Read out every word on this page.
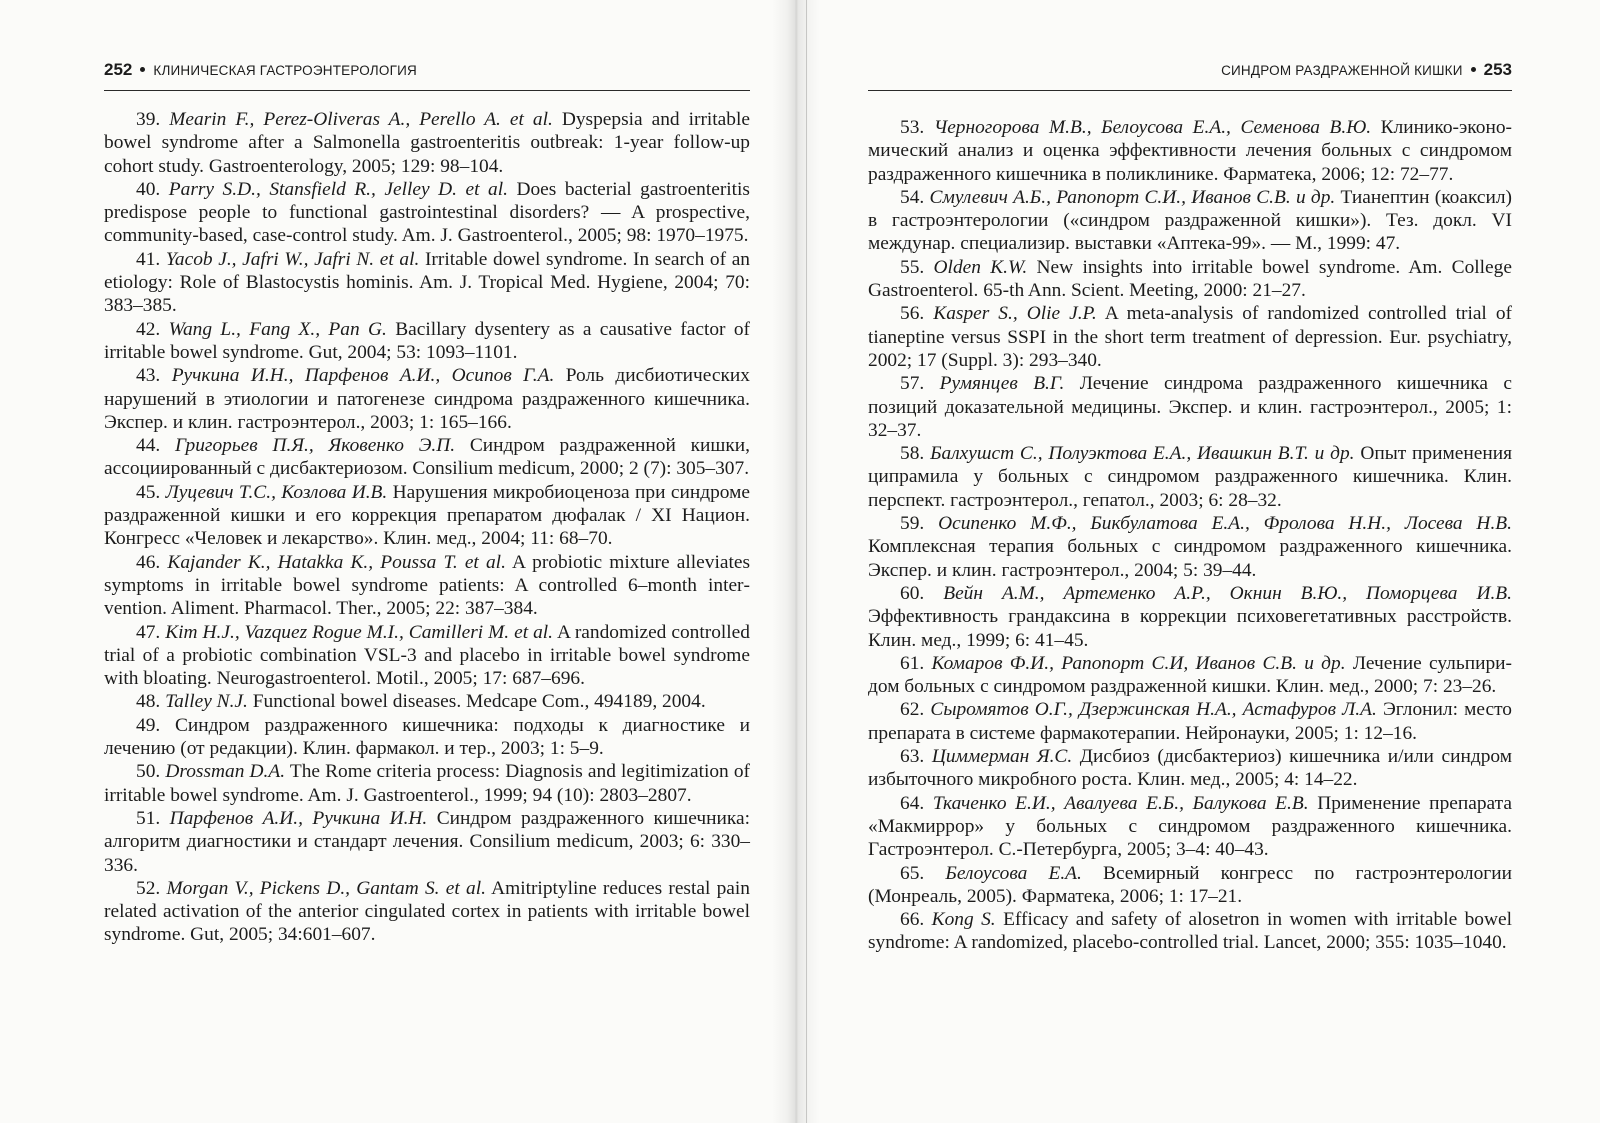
252 КЛИНИЧЕСКАЯ ГАСТРОЭНТЕРОЛОГИЯ

39. Mearin F., Perez-Oliveras A., Perello A. et al. Dyspepsia and irritable bowel syndrome after a Salmonella gastroenteritis outbreak: 1-year follow-up cohort study. Gastroenterology, 2005; 129: 98–104.

40. Parry S.D., Stansfield R., Jelley D. et al. Does bacterial gastroenteritis predispose people to functional gastrointestinal disorders? — A prospective, community-based, case-control study. Am. J. Gastroenterol., 2005; 98: 1970–1975.

41. Yacob J., Jafri W., Jafri N. et al. Irritable dowel syndrome. In search of an etiology: Role of Blastocystis hominis. Am. J. Tropical Med. Hygiene, 2004; 70: 383–385.

42. Wang L., Fang X., Pan G. Bacillary dysentery as a causative factor of irritable bowel syndrome. Gut, 2004; 53: 1093–1101.

43. Ручкина И.Н., Парфенов А.И., Осипов Г.А. Роль дисбиотических нарушений в этиологии и патогенезе синдрома раздраженного кишечника. Экспер. и клин. гастроэнтерол., 2003; 1: 165–166.

44. Григорьев П.Я., Яковенко Э.П. Синдром раздраженной кишки, ассоциированный с дисбактериозом. Consilium medicum, 2000; 2 (7): 305–307.

45. Луцевич Т.С., Козлова И.В. Нарушения микробиоценоза при синдроме раздраженной кишки и его коррекция препаратом дюфалак / XI Национ. Конгресс «Человек и лекарство». Клин. мед., 2004; 11: 68–70.

46. Kajander K., Hatakka K., Poussa T. et al. A probiotic mixture alleviates symptoms in irritable bowel syndrome patients: A controlled 6–month intervention. Aliment. Pharmacol. Ther., 2005; 22: 387–384.

47. Kim H.J., Vazquez Rogue M.I., Camilleri M. et al. A randomized controlled trial of a probiotic combination VSL-3 and placebo in irritable bowel syndrome with bloating. Neurogastroenterol. Motil., 2005; 17: 687–696.

48. Talley N.J. Functional bowel diseases. Medcape Com., 494189, 2004.

49. Синдром раздраженного кишечника: подходы к диагностике и лечению (от редакции). Клин. фармакол. и тер., 2003; 1: 5–9.

50. Drossman D.A. The Rome criteria process: Diagnosis and legitimization of irritable bowel syndrome. Am. J. Gastroenterol., 1999; 94 (10): 2803–2807.

51. Парфенов А.И., Ручкина И.Н. Синдром раздраженного кишечника: алгоритм диагностики и стандарт лечения. Consilium medicum, 2003; 6: 330–336.

52. Morgan V., Pickens D., Gantam S. et al. Amitriptyline reduces restal pain related activation of the anterior cingulated cortex in patients with irritable bowel syndrome. Gut, 2005; 34:601–607.

СИНДРОМ РАЗДРАЖЕННОЙ КИШКИ 253

53. Черногорова М.В., Белоусова Е.А., Семенова В.Ю. Клинико-экономический анализ и оценка эффективности лечения больных с синдромом раздраженного кишечника в поликлинике. Фарматека, 2006; 12: 72–77.

54. Смулевич А.Б., Рапопорт С.И., Иванов С.В. и др. Тианептин (коаксил) в гастроэнтерологии («синдром раздраженной кишки»). Тез. докл. VI междунар. специализир. выставки «Аптека-99». — М., 1999: 47.

55. Olden K.W. New insights into irritable bowel syndrome. Am. College Gastroenterol. 65-th Ann. Scient. Meeting, 2000: 21–27.

56. Kasper S., Olie J.P. A meta-analysis of randomized controlled trial of tianeptine versus SSPI in the short term treatment of depression. Eur. psychiatry, 2002; 17 (Suppl. 3): 293–340.

57. Румянцев В.Г. Лечение синдрома раздраженного кишечника с позиций доказательной медицины. Экспер. и клин. гастроэнтерол., 2005; 1: 32–37.

58. Балхушст С., Полуэктова Е.А., Ивашкин В.Т. и др. Опыт применения ципрамила у больных с синдромом раздраженного кишечника. Клин. перспект. гастроэнтерол., гепатол., 2003; 6: 28–32.

59. Осипенко М.Ф., Бикбулатова Е.А., Фролова Н.Н., Лосева Н.В. Комплексная терапия больных с синдромом раздраженного кишечника. Экспер. и клин. гастроэнтерол., 2004; 5: 39–44.

60. Вейн А.М., Артеменко А.Р., Окнин В.Ю., Поморцева И.В. Эффективность грандаксина в коррекции психовегетативных расстройств. Клин. мед., 1999; 6: 41–45.

61. Комаров Ф.И., Рапопорт С.И, Иванов С.В. и др. Лечение сульпиридом больных с синдромом раздраженной кишки. Клин. мед., 2000; 7: 23–26.

62. Сыромятов О.Г., Дзержинская Н.А., Астафуров Л.А. Эглонил: место препарата в системе фармакотерапии. Нейронауки, 2005; 1: 12–16.

63. Циммерман Я.С. Дисбиоз (дисбактериоз) кишечника и/или синдром избыточного микробного роста. Клин. мед., 2005; 4: 14–22.

64. Ткаченко Е.И., Авалуева Е.Б., Балукова Е.В. Применение препарата «Макмиррор» у больных с синдромом раздраженного кишечника. Гастроэнтерол. С.-Петербурга, 2005; 3–4: 40–43.

65. Белоусова Е.А. Всемирный конгресс по гастроэнтерологии (Монреаль, 2005). Фарматека, 2006; 1: 17–21.

66. Kong S. Efficacy and safety of alosetron in women with irritable bowel syndrome: A randomized, placebo-controlled trial. Lancet, 2000; 355: 1035–1040.
